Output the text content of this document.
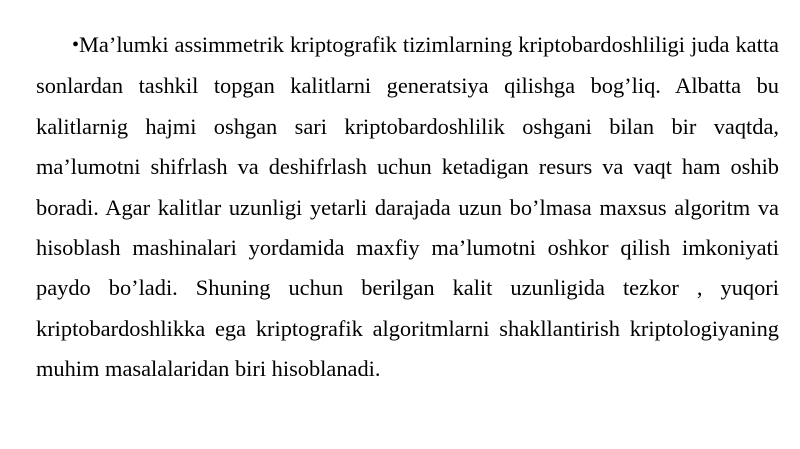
•Ma’lumki assimmetrik kriptografik tizimlarning kriptobardoshliligi juda katta sonlardan tashkil topgan kalitlarni generatsiya qilishga bog’liq. Albatta bu kalitlarnig hajmi oshgan sari kriptobardoshlilik oshgani bilan bir vaqtda, ma’lumotni shifrlash va deshifrlash uchun ketadigan resurs va vaqt ham oshib boradi. Agar kalitlar uzunligi yetarli darajada uzun bo’lmasa maxsus algoritm va hisoblash mashinalari yordamida maxfiy ma’lumotni oshkor qilish imkoniyati paydo bo’ladi. Shuning uchun berilgan kalit uzunligida tezkor , yuqori kriptobardoshlikka ega kriptografik algoritmlarni shakllantirish kriptologiyaning muhim masalalaridan biri hisoblanadi.
